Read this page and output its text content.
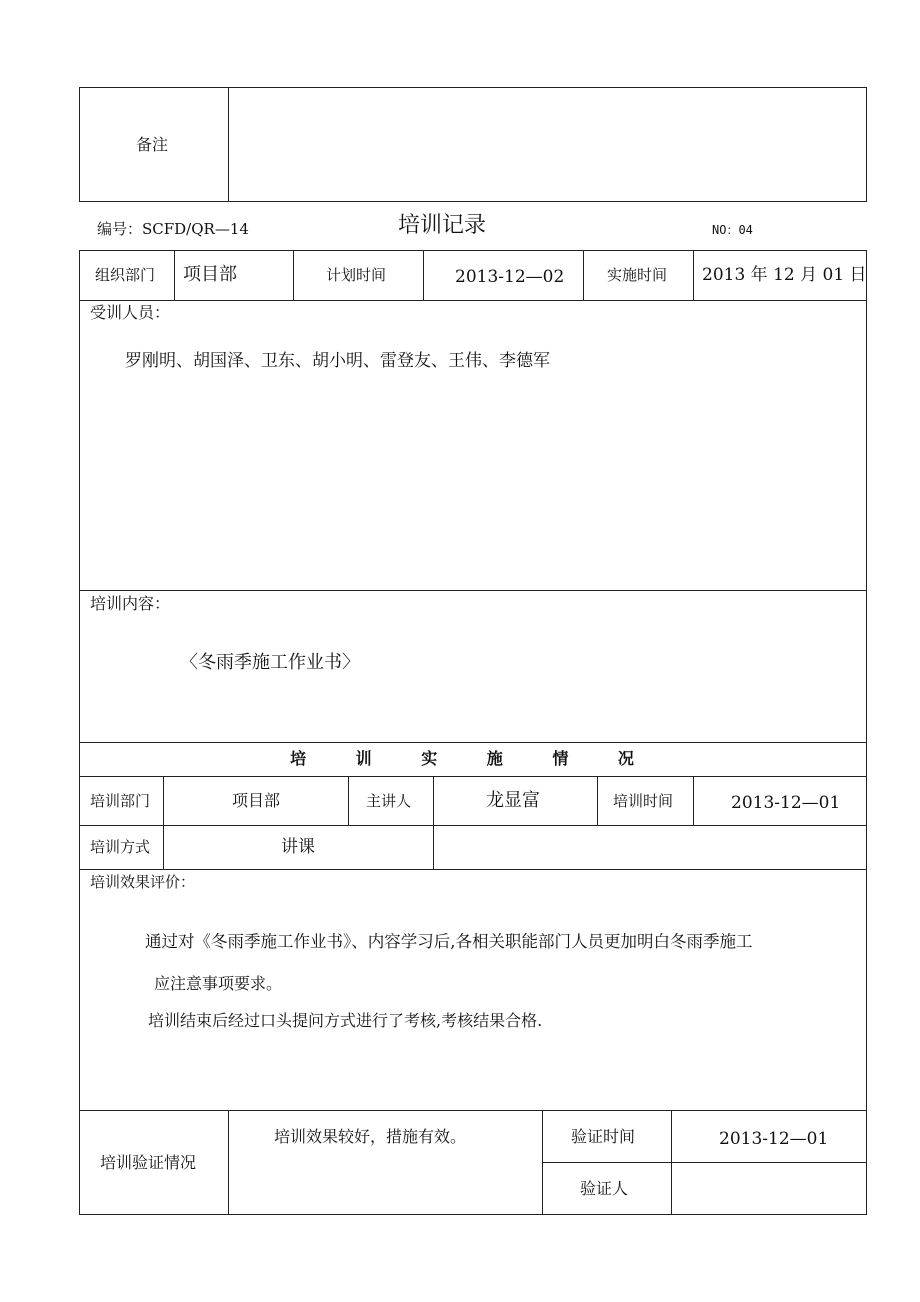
备注
编号：SCFD/QR—14	培训记录	NO：04
组织部门 项目部	计划时间	2013-12—02	实施时间 2013 年 12 月 01 日
受训人员：
罗刚明、胡国泽、卫东、胡小明、雷登友、王伟、李德军
培训内容：
〈冬雨季施工作业书〉
培 训 实 施 情 况
培训部门	项目部	主讲人	龙显富	培训时间	2013-12—01
培训方式	讲课
培训效果评价：
通过对《冬雨季施工作业书》、内容学习后,各相关职能部门人员更加明白冬雨季施工
应注意事项要求。
培训结束后经过口头提问方式进行了考核,考核结果合格.
培训验证情况
培训效果较好，措施有效。	验证时间	2013-12—01
验证人
